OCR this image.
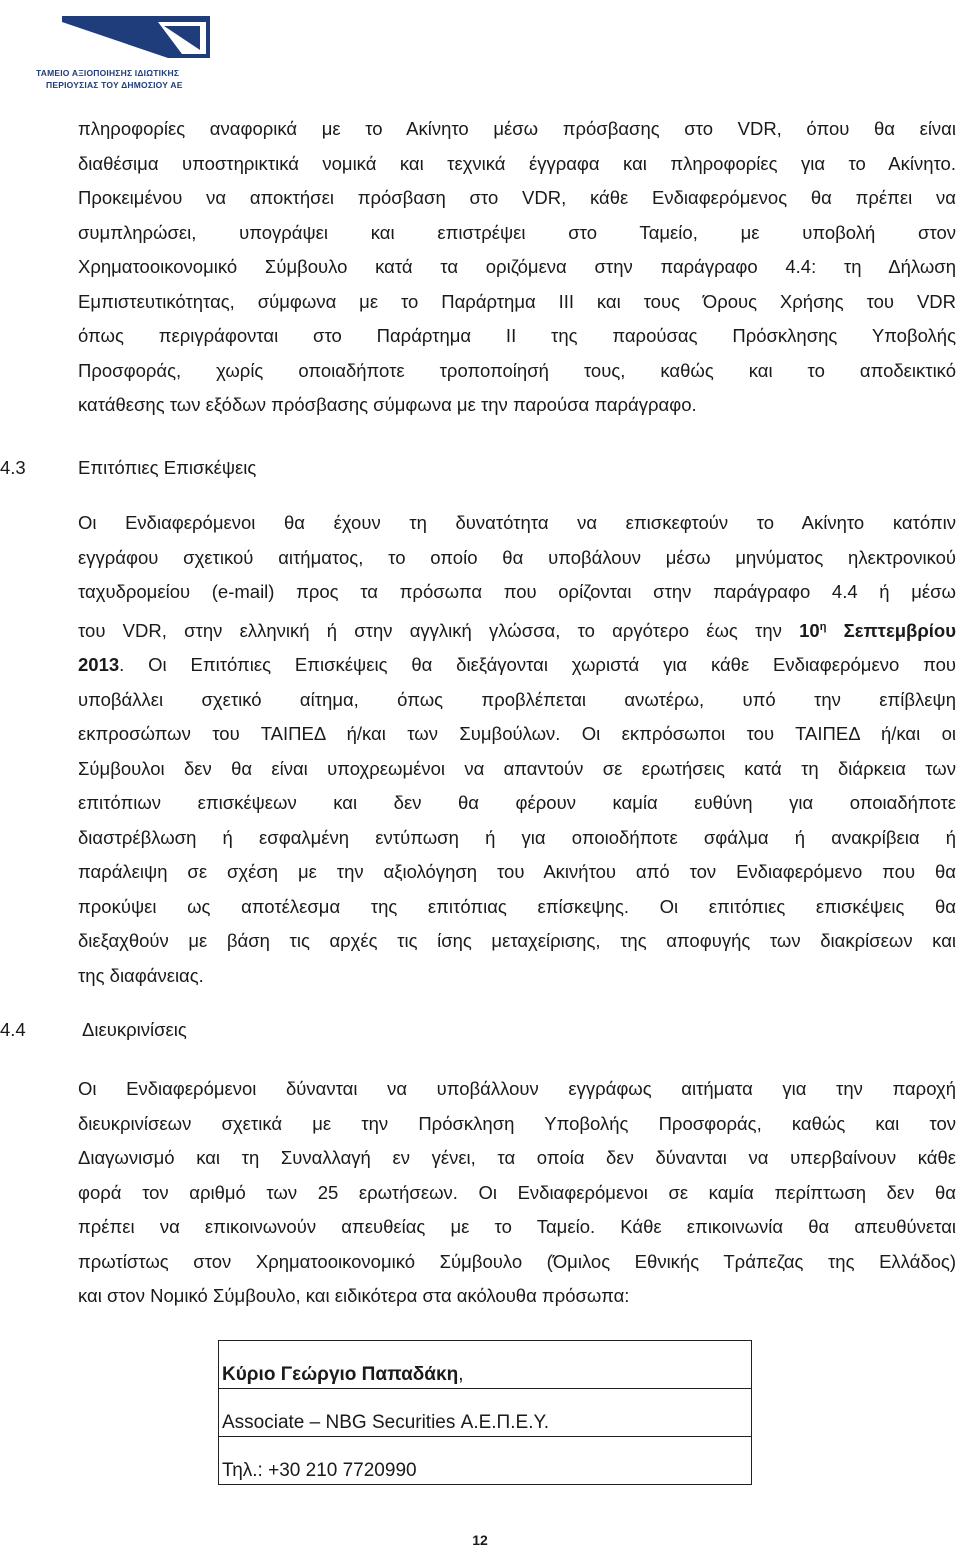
ΤΑΜΕΙΟ ΑΞΙΟΠΟΙΗΣΗΣ ΙΔΙΩΤΙΚΗΣ
ΠΕΡΙΟΥΣΙΑΣ ΤΟΥ ΔΗΜΟΣΙΟΥ ΑΕ
πληροφορίες αναφορικά με το Ακίνητο μέσω πρόσβασης στο VDR, όπου θα είναι
διαθέσιμα υποστηρικτικά νομικά και τεχνικά έγγραφα και πληροφορίες για το Ακίνητο.
Προκειμένου να αποκτήσει πρόσβαση στο VDR, κάθε Ενδιαφερόμενος θα πρέπει να
συμπληρώσει, υπογράψει και επιστρέψει στο Ταμείο, με υποβολή στον
Χρηματοοικονομικό Σύμβουλο κατά τα οριζόμενα στην παράγραφο 4.4: τη Δήλωση
Εμπιστευτικότητας, σύμφωνα με το Παράρτημα ΙΙΙ και τους Όρους Χρήσης του VDR
όπως περιγράφονται στο Παράρτημα ΙΙ της παρούσας Πρόσκλησης Υποβολής
Προσφοράς, χωρίς οποιαδήποτε τροποποίησή τους, καθώς και το αποδεικτικό
κατάθεσης των εξόδων πρόσβασης σύμφωνα με την παρούσα παράγραφο.
4.3	Επιτόπιες Επισκέψεις
Οι Ενδιαφερόμενοι θα έχουν τη δυνατότητα να επισκεφτούν το Ακίνητο κατόπιν
εγγράφου σχετικού αιτήματος, το οποίο θα υποβάλουν μέσω μηνύματος ηλεκτρονικού
ταχυδρομείου (e-mail) προς τα πρόσωπα που ορίζονται στην παράγραφο 4.4 ή μέσω
του VDR, στην ελληνική ή στην αγγλική γλώσσα, το αργότερο έως την $10^\eta$ Σεπτεμβρίου
2013. Οι Επιτόπιες Επισκέψεις θα διεξάγονται χωριστά για κάθε Ενδιαφερόμενο που
υποβάλλει σχετικό αίτημα, όπως προβλέπεται ανωτέρω, υπό την επίβλεψη
εκπροσώπων του ΤΑΙΠΕΔ ή/και των Συμβούλων. Οι εκπρόσωποι του ΤΑΙΠΕΔ ή/και οι
Σύμβουλοι δεν θα είναι υποχρεωμένοι να απαντούν σε ερωτήσεις κατά τη διάρκεια των
επιτόπιων επισκέψεων και δεν θα φέρουν καμία ευθύνη για οποιαδήποτε
διαστρέβλωση ή εσφαλμένη εντύπωση ή για οποιοδήποτε σφάλμα ή ανακρίβεια ή
παράλειψη σε σχέση με την αξιολόγηση του Ακινήτου από τον Ενδιαφερόμενο που θα
προκύψει ως αποτέλεσμα της επιτόπιας επίσκεψης. Οι επιτόπιες επισκέψεις θα
διεξαχθούν με βάση τις αρχές τις ίσης μεταχείρισης, της αποφυγής των διακρίσεων και
της διαφάνειας.
4.4	Διευκρινίσεις
Οι Ενδιαφερόμενοι δύνανται να υποβάλλουν εγγράφως αιτήματα για την παροχή
διευκρινίσεων σχετικά με την Πρόσκληση Υποβολής Προσφοράς, καθώς και τον
Διαγωνισμό και τη Συναλλαγή εν γένει, τα οποία δεν δύνανται να υπερβαίνουν κάθε
φορά τον αριθμό των 25 ερωτήσεων. Οι Ενδιαφερόμενοι σε καμία περίπτωση δεν θα
πρέπει να επικοινωνούν απευθείας με το Ταμείο. Κάθε επικοινωνία θα απευθύνεται
πρωτίστως στον Χρηματοοικονομικό Σύμβουλο (Όμιλος Εθνικής Τράπεζας της Ελλάδος)
και στον Νομικό Σύμβουλο, και ειδικότερα στα ακόλουθα πρόσωπα:
Κύριο Γεώργιο Παπαδάκη,
Associate – NBG Securities Α.Ε.Π.Ε.Υ.
Τηλ.: +30 210 7720990
12
